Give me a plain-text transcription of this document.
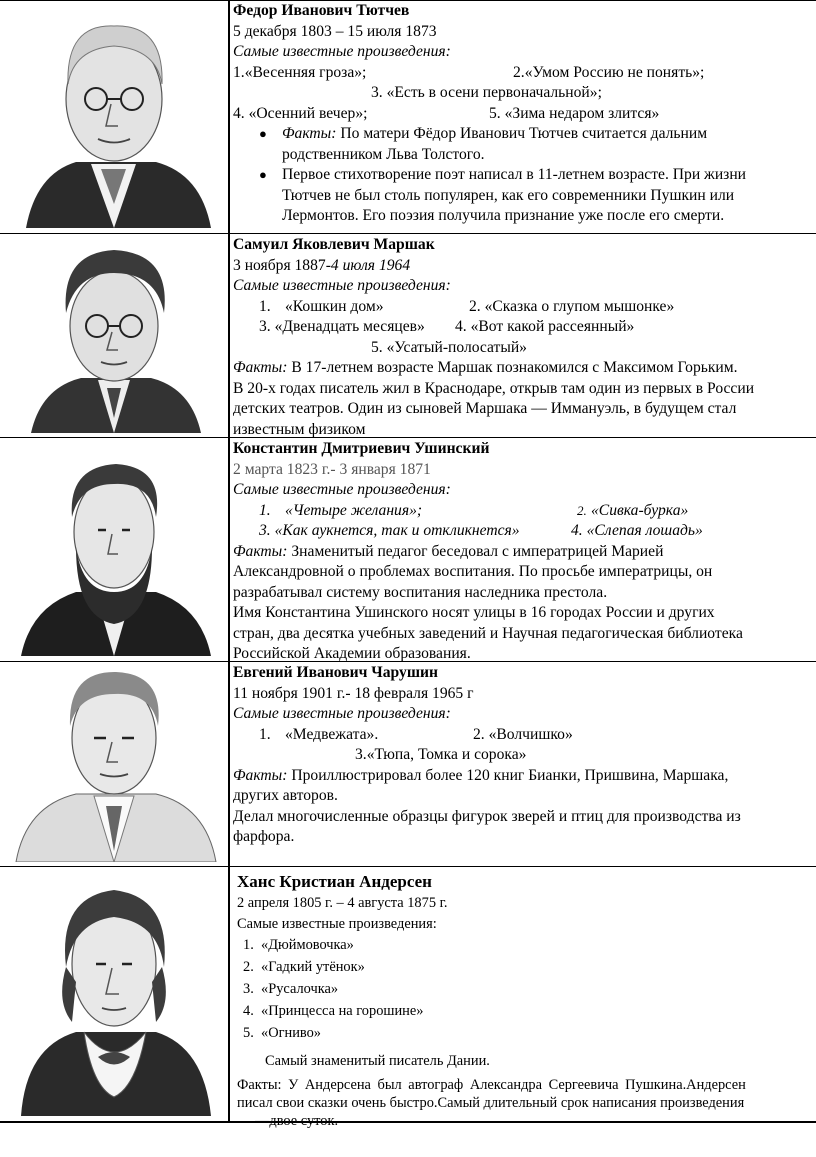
Федор Иванович Тютчев
5 декабря 1803 – 15 июля 1873
Самые известные произведения:
1.«Весенняя гроза»;	2.«Умом Россию не понять»;
3. «Есть в осени первоначальной»;
4. «Осенний вечер»;	5. «Зима недаром злится»
● Факты: По матери Фёдор Иванович Тютчев считается дальним
родственником Льва Толстого.
● Первое стихотворение поэт написал в 11-летнем возрасте. При жизни
Тютчев не был столь популярен, как его современники Пушкин или
Лермонтов. Его поэзия получила признание уже после его смерти.
Самуил Яковлевич Маршак
3 ноября 1887-4 июля 1964
Самые известные произведения:
1. «Кошкин дом»	2. «Сказка о глупом мышонке»
3. «Двенадцать месяцев» 4. «Вот какой рассеянный»
5. «Усатый-полосатый»
Факты: В 17-летнем возрасте Маршак познакомился с Максимом Горьким.
В 20-х годах писатель жил в Краснодаре, открыв там один из первых в России
детских театров. Один из сыновей Маршака — Иммануэль, в будущем стал
известным физиком
Константин Дмитриевич Ушинский
2 марта 1823 г.- 3 января 1871
Самые известные произведения:
1. «Четыре желания»;	2. «Сивка-бурка»
3. «Как аукнется, так и откликнется»	4. «Слепая лошадь»
Факты: Знаменитый педагог беседовал с императрицей Марией
Александровной о проблемах воспитания. По просьбе императрицы, он
разрабатывал систему воспитания наследника престола.
Имя Константина Ушинского носят улицы в 16 городах России и других
стран, два десятка учебных заведений и Научная педагогическая библиотека
Российской Академии образования.
Евгений Иванович Чарушин
11 ноября 1901 г.- 18 февраля 1965 г
Самые известные произведения:
1. «Медвежата».	2. «Волчишко»
3.«Тюпа, Томка и сорока»
Факты: Проиллюстрировал более 120 книг Бианки, Пришвина, Маршака,
других авторов.
Делал многочисленные образцы фигурок зверей и птиц для производства из
фарфора.
Ханс Кристиан Андерсен
2 апреля 1805 г. – 4 августа 1875 г.
Самые известные произведения:
1. «Дюймовочка»
2. «Гадкий утёнок»
3. «Русалочка»
4. «Принцесса на горошине»
5. «Огниво»
Самый знаменитый писатель Дании.
Факты: У Андерсена был автограф Александра Сергеевича Пушкина.Андерсен
писал свои сказки очень быстро.Самый длительный срок написания произведения
—двое суток.
